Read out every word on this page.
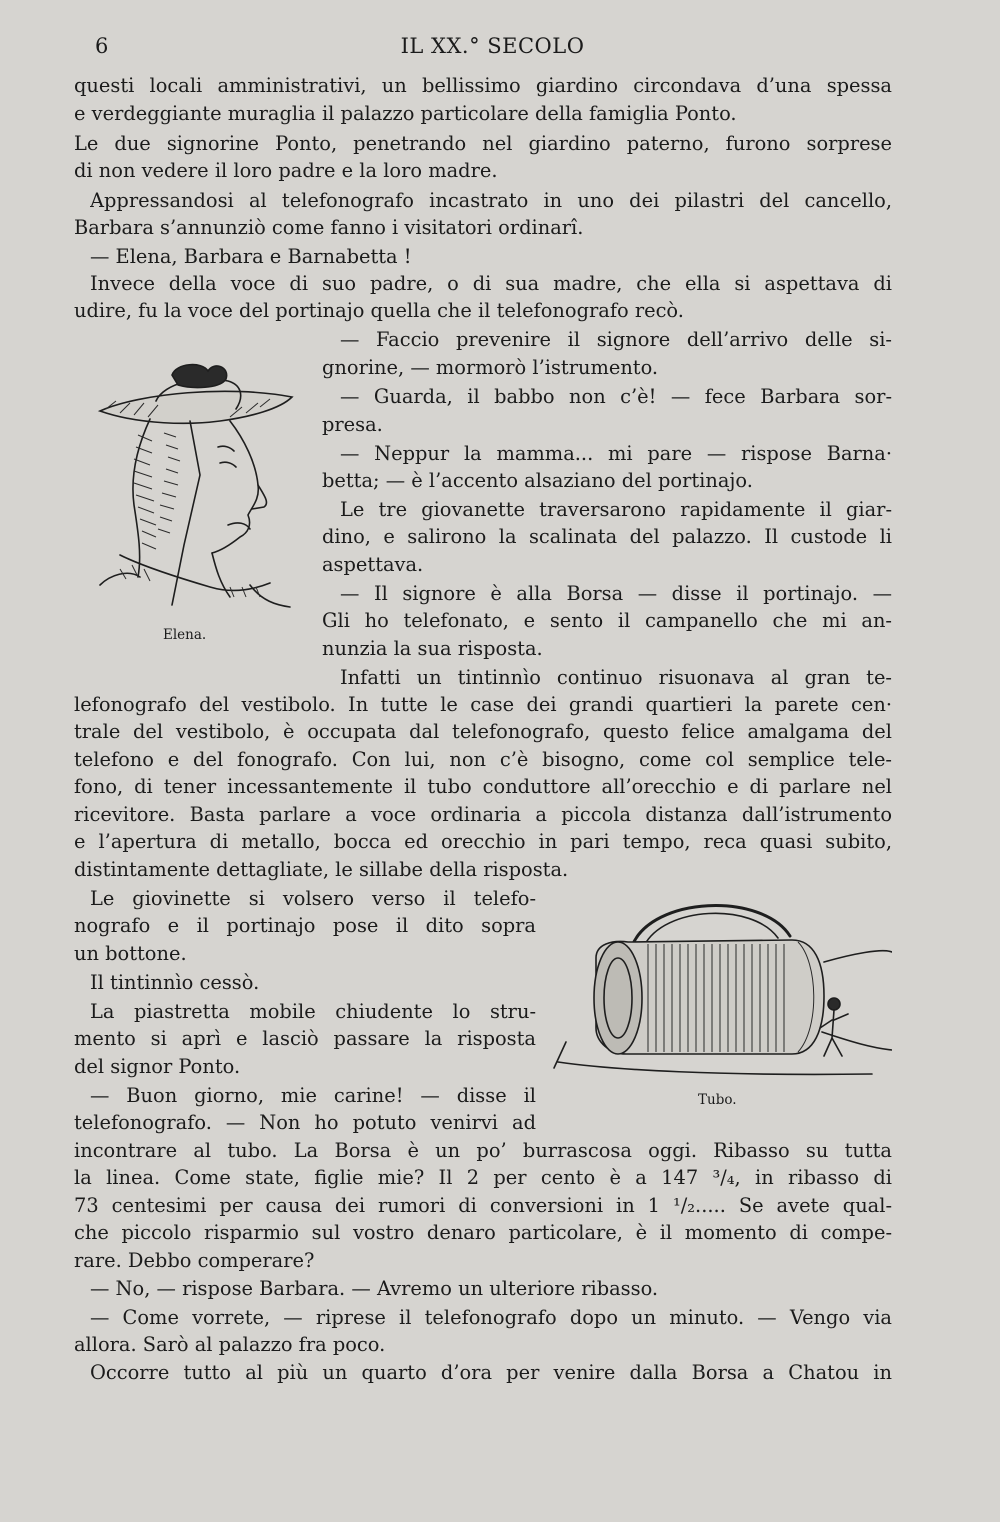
6	IL XX.° SECOLO
questi locali amministrativi, un bellissimo giardino circondava d’una spessa
e verdeggiante muraglia il palazzo particolare della famiglia Ponto.
Le due signorine Ponto, penetrando nel giardino paterno, furono sorprese
di non vedere il loro padre e la loro madre.
Appressandosi al telefonografo incastrato in uno dei pilastri del cancello,
Barbara s’annunziò come fanno i visitatori ordinarî.
— Elena, Barbara e Barnabetta !
Invece della voce di suo padre, o di sua madre, che ella si aspettava di
udire, fu la voce del portinajo quella che il telefonografo recò.
— Faccio prevenire il signore dell’arrivo delle si-
gnorine, — mormorò l’istrumento.
— Guarda, il babbo non c’è! — fece Barbara sor-
presa.
— Neppur la mamma... mi pare — rispose Barna·
betta; — è l’accento alsaziano del portinajo.
Le tre giovanette traversarono rapidamente il giar-
dino, e salirono la scalinata del palazzo. Il custode li
aspettava.
— Il signore è alla Borsa — disse il portinajo. —
Gli ho telefonato, e sento il campanello che mi an-
nunzia la sua risposta.
Infatti un tintinnìo continuo risuonava al gran te-
lefonografo del vestibolo. In tutte le case dei grandi quartieri la parete cen·
trale del vestibolo, è occupata dal telefonografo, questo felice amalgama del
telefono e del fonografo. Con lui, non c’è bisogno, come col semplice tele-
fono, di tener incessantemente il tubo conduttore all’orecchio e di parlare nel
ricevitore. Basta parlare a voce ordinaria a piccola distanza dall’istrumento
e l’apertura di metallo, bocca ed orecchio in pari tempo, reca quasi subito,
distintamente dettagliate, le sillabe della risposta.
Le giovinette si volsero verso il telefo-
nografo e il portinajo pose il dito sopra
un bottone.
Il tintinnìo cessò.
La piastretta mobile chiudente lo stru-
mento si aprì e lasciò passare la risposta
del signor Ponto.
— Buon giorno, mie carine! — disse il
telefonografo. — Non ho potuto venirvi ad
incontrare al tubo. La Borsa è un po’ burrascosa oggi. Ribasso su tutta
la linea. Come state, figlie mie? Il 2 per cento è a 147 ³/₄, in ribasso di
73 centesimi per causa dei rumori di conversioni in 1 ¹/₂..... Se avete qual-
che piccolo risparmio sul vostro denaro particolare, è il momento di compe-
rare. Debbo comperare?
— No, — rispose Barbara. — Avremo un ulteriore ribasso.
— Come vorrete, — riprese il telefonografo dopo un minuto. — Vengo via
allora. Sarò al palazzo fra poco.
Occorre tutto al più un quarto d’ora per venire dalla Borsa a Chatou in
Elena.
Tubo.
